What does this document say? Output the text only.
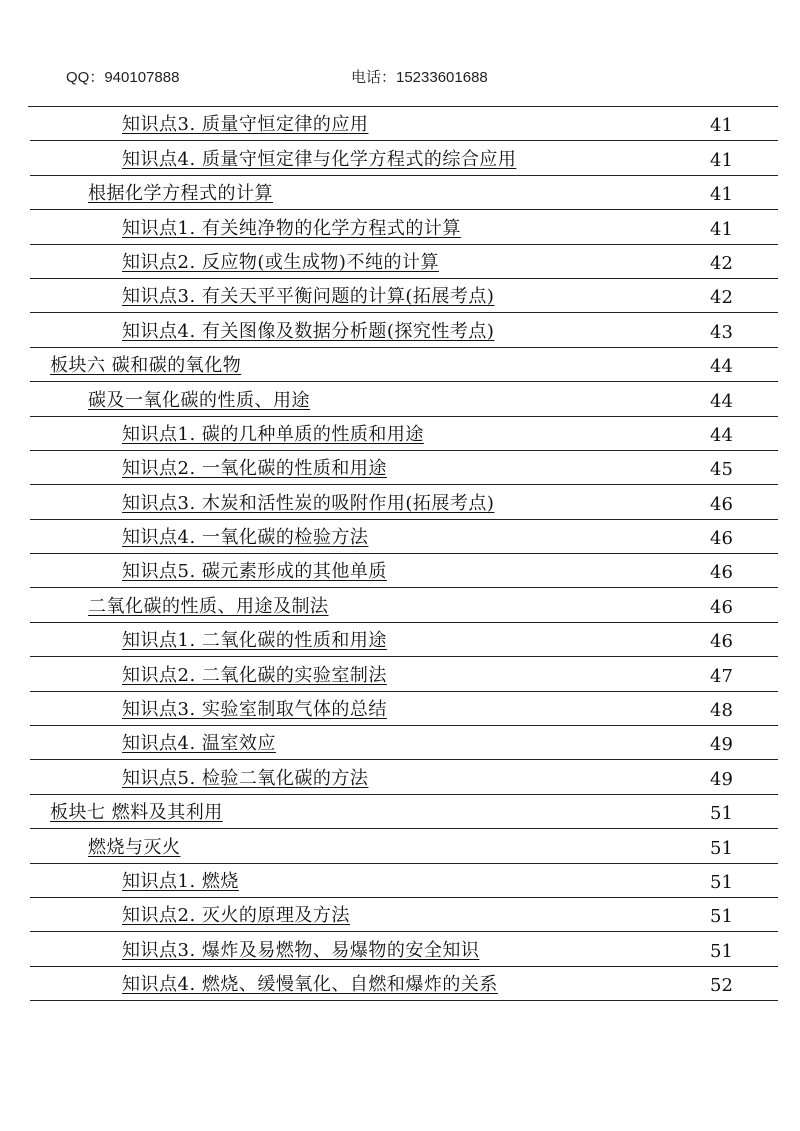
QQ：940107888	电话：15233601688
知识点3. 质量守恒定律的应用	41
知识点4. 质量守恒定律与化学方程式的综合应用	41
根据化学方程式的计算	41
知识点1. 有关纯净物的化学方程式的计算	41
知识点2. 反应物(或生成物)不纯的计算	42
知识点3. 有关天平平衡问题的计算(拓展考点)	42
知识点4. 有关图像及数据分析题(探究性考点)	43
板块六 碳和碳的氧化物	44
碳及一氧化碳的性质、用途	44
知识点1. 碳的几种单质的性质和用途	44
知识点2. 一氧化碳的性质和用途	45
知识点3. 木炭和活性炭的吸附作用(拓展考点)	46
知识点4. 一氧化碳的检验方法	46
知识点5. 碳元素形成的其他单质	46
二氧化碳的性质、用途及制法	46
知识点1. 二氧化碳的性质和用途	46
知识点2. 二氧化碳的实验室制法	47
知识点3. 实验室制取气体的总结	48
知识点4. 温室效应	49
知识点5. 检验二氧化碳的方法	49
板块七 燃料及其利用	51
燃烧与灭火	51
知识点1. 燃烧	51
知识点2. 灭火的原理及方法	51
知识点3. 爆炸及易燃物、易爆物的安全知识	51
知识点4. 燃烧、缓慢氧化、自燃和爆炸的关系	52
